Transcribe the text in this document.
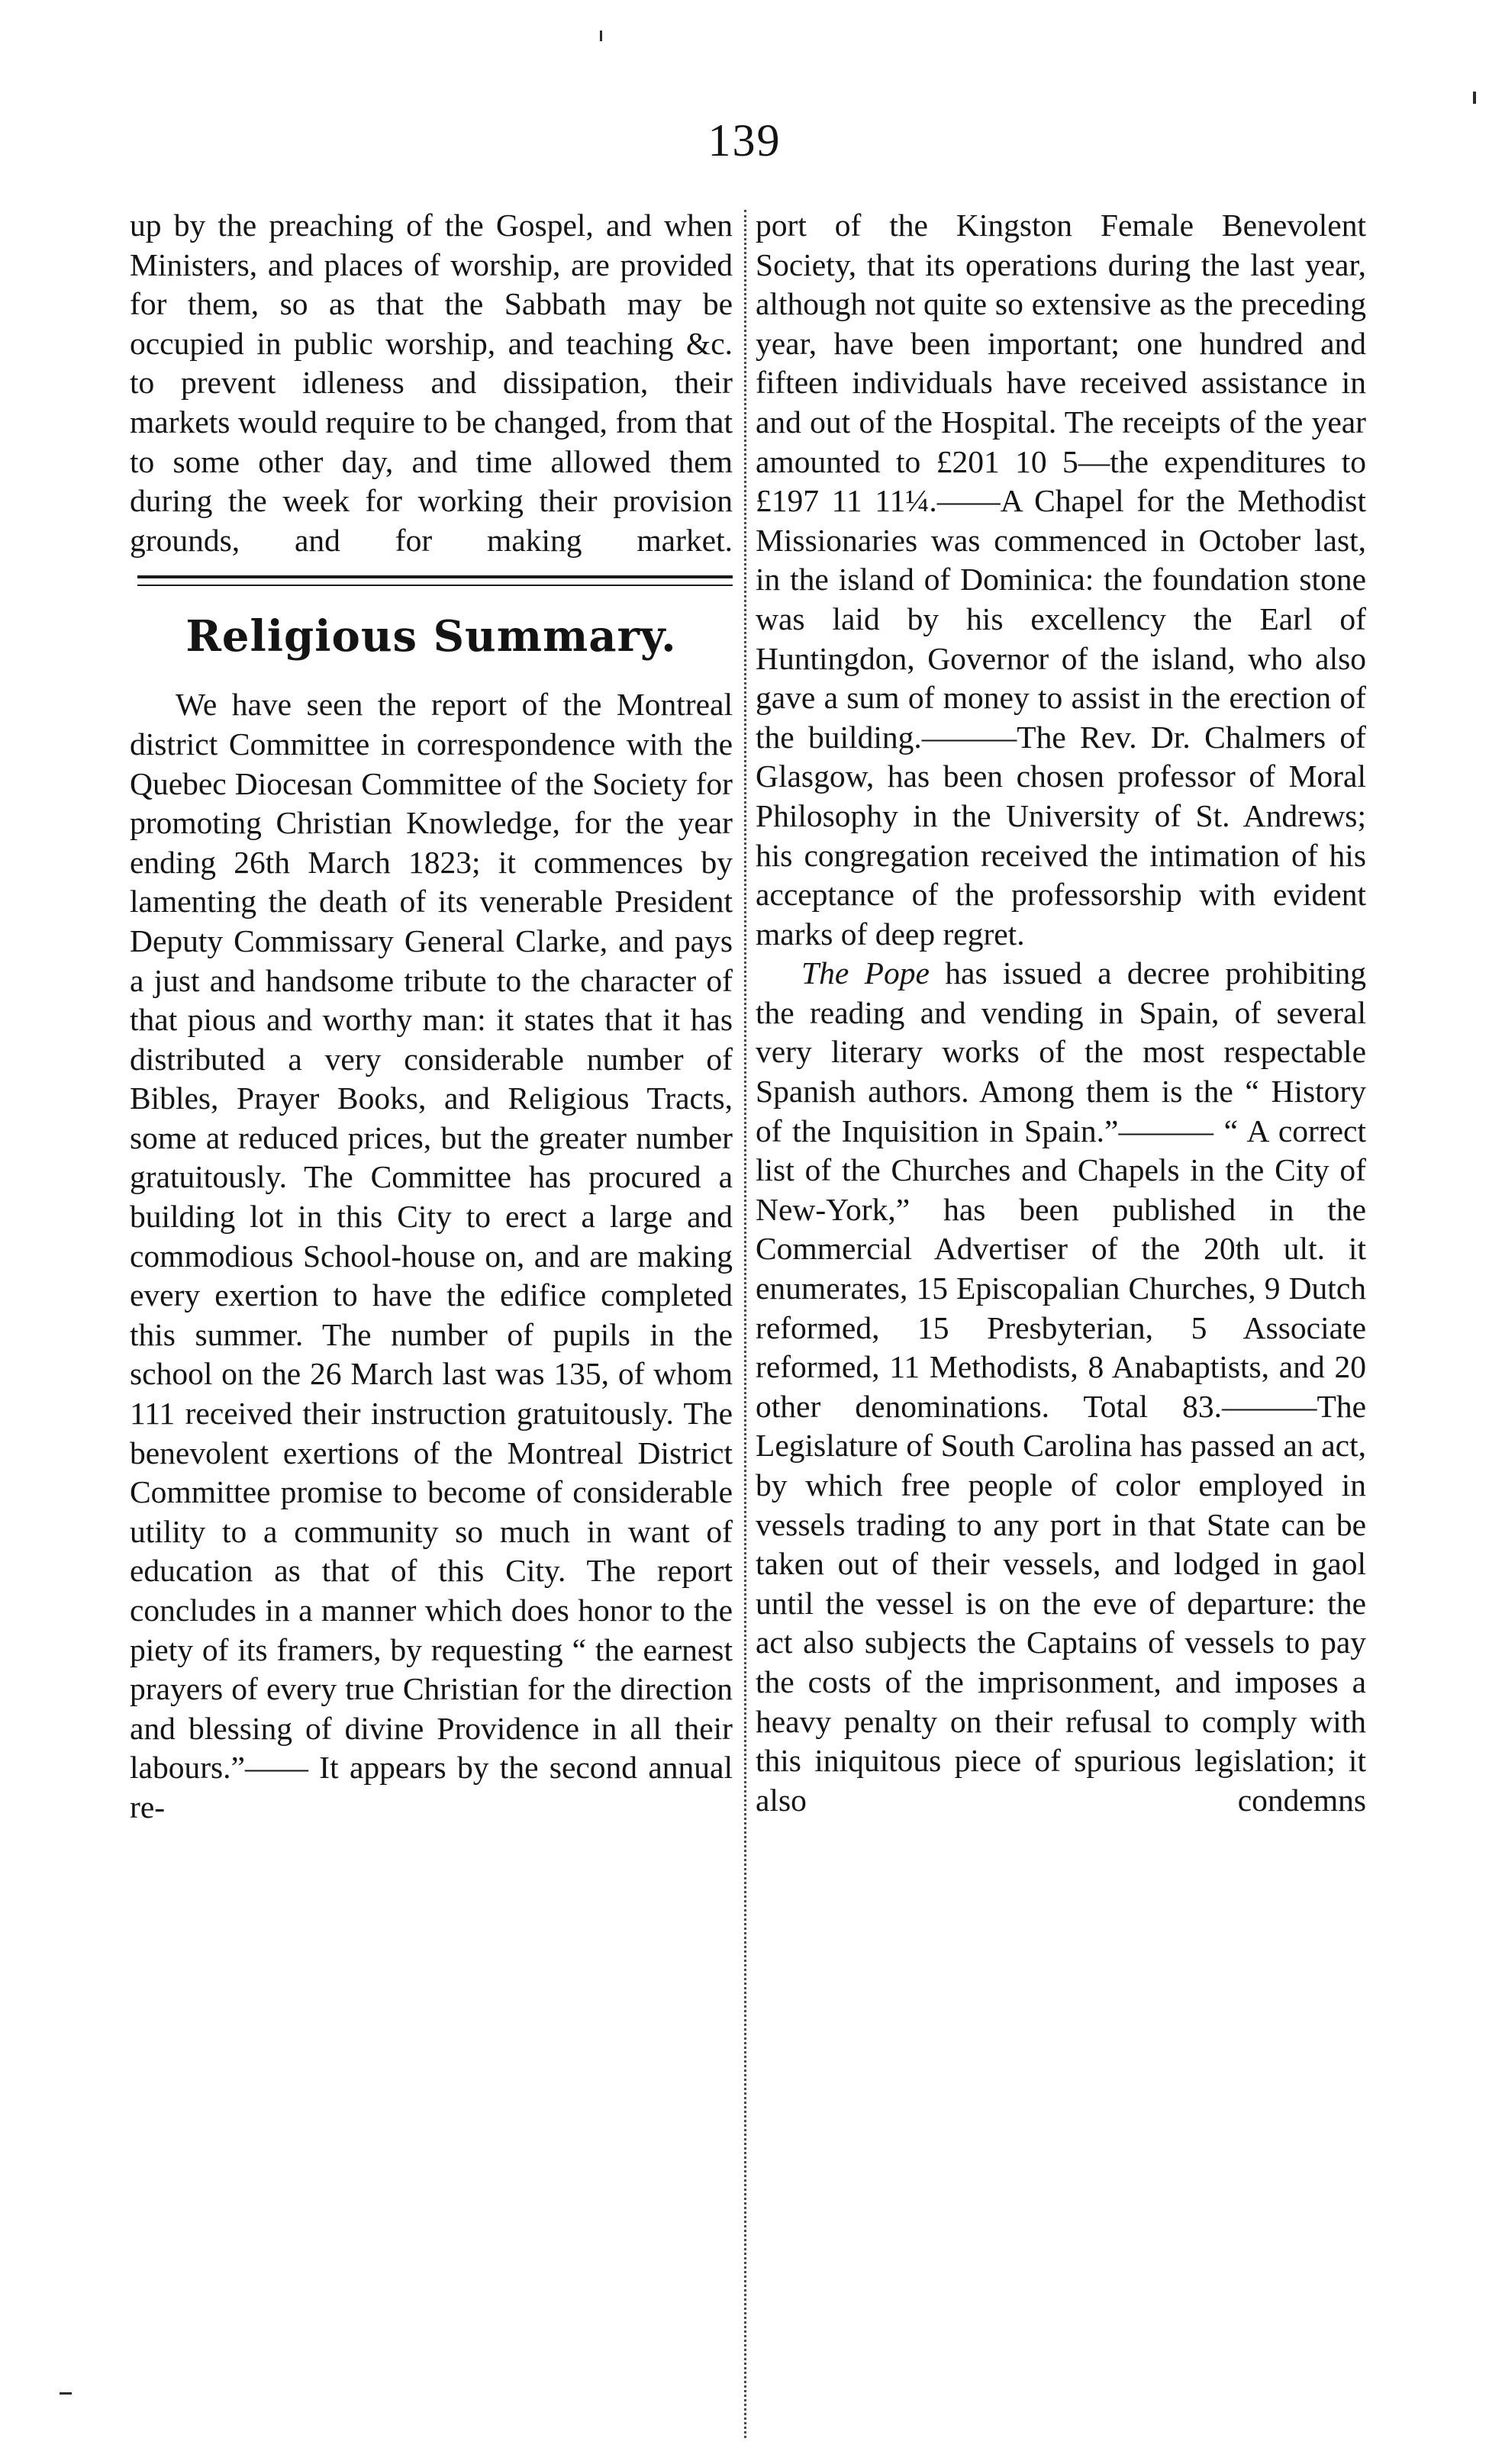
139

up by the preaching of the Gospel, and when Ministers, and places of worship, are provided for them, so as that the Sabbath may be occupied in public worship, and teaching &c. to prevent idleness and dissipation, their markets would require to be changed, from that to some other day, and time allowed them during the week for working their provision grounds, and for making market.

Religious Summary.

We have seen the report of the Montreal district Committee in correspondence with the Quebec Diocesan Committee of the Society for promoting Christian Knowledge, for the year ending 26th March 1823; it commences by lamenting the death of its venerable President Deputy Commissary General Clarke, and pays a just and handsome tribute to the character of that pious and worthy man: it states that it has distributed a very considerable number of Bibles, Prayer Books, and Religious Tracts, some at reduced prices, but the greater number gratuitously. The Committee has procured a building lot in this City to erect a large and commodious School-house on, and are making every exertion to have the edifice completed this summer. The number of pupils in the school on the 26 March last was 135, of whom 111 received their instruction gratuitously. The benevolent exertions of the Montreal District Committee promise to become of considerable utility to a community so much in want of education as that of this City. The report concludes in a manner which does honor to the piety of its framers, by requesting “ the earnest prayers of every true Christian for the direction and blessing of divine Providence in all their labours.”—— It appears by the second annual re-

port of the Kingston Female Benevolent Society, that its operations during the last year, although not quite so extensive as the preceding year, have been important; one hundred and fifteen individuals have received assistance in and out of the Hospital. The receipts of the year amounted to £201 10 5—the expenditures to £197 11 11¼.——A Chapel for the Methodist Missionaries was commenced in October last, in the island of Dominica: the foundation stone was laid by his excellency the Earl of Huntingdon, Governor of the island, who also gave a sum of money to assist in the erection of the building.———The Rev. Dr. Chalmers of Glasgow, has been chosen professor of Moral Philosophy in the University of St. Andrews; his congregation received the intimation of his acceptance of the professorship with evident marks of deep regret.

The Pope has issued a decree prohibiting the reading and vending in Spain, of several very literary works of the most respectable Spanish authors. Among them is the “ History of the Inquisition in Spain.”——— “ A correct list of the Churches and Chapels in the City of New-York,” has been published in the Commercial Advertiser of the 20th ult. it enumerates, 15 Episcopalian Churches, 9 Dutch reformed, 15 Presbyterian, 5 Associate reformed, 11 Methodists, 8 Anabaptists, and 20 other denominations. Total 83.———The Legislature of South Carolina has passed an act, by which free people of color employed in vessels trading to any port in that State can be taken out of their vessels, and lodged in gaol until the vessel is on the eve of departure: the act also subjects the Captains of vessels to pay the costs of the imprisonment, and imposes a heavy penalty on their refusal to comply with this iniquitous piece of spurious legislation; it also condemns
